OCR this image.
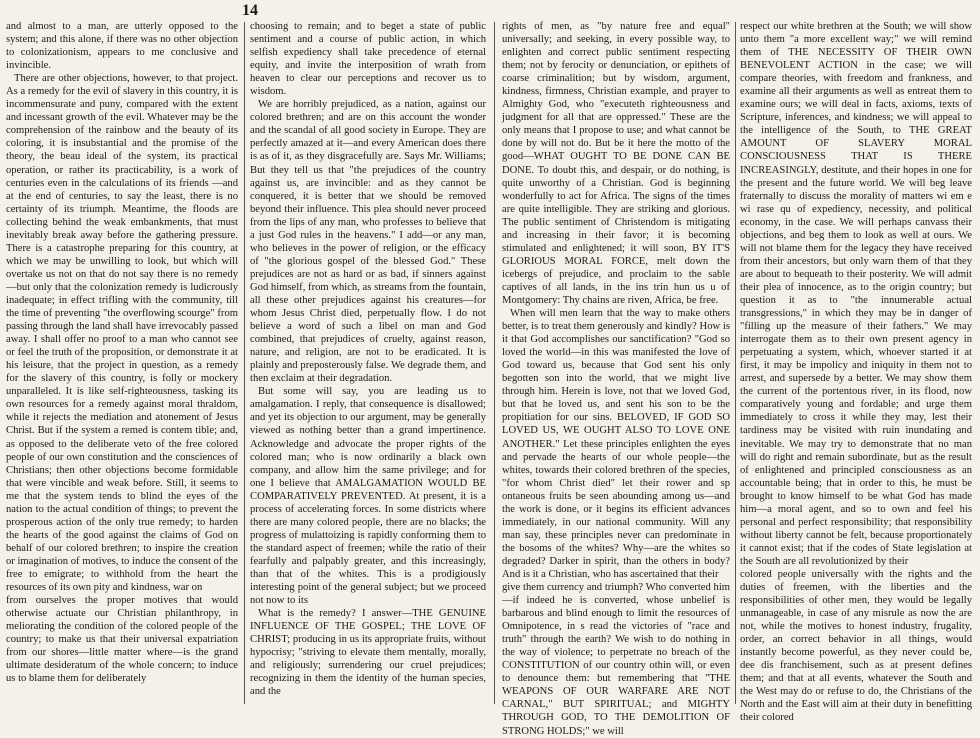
14

and almost to a man, are utterly opposed to the system; and this alone, if there was no other objection to colonizationism, appears to me conclusive and invincible.

There are other objections, however, to that project. As a remedy for the evil of slavery in this country, it is incommensurate and puny, compared with the extent and incessant growth of the evil. Whatever may be the comprehension of the rainbow and the beauty of its coloring, it is insubstantial and the promise of the theory, the beau ideal of the system, its practical operation, or rather its practicability, is a work of centuries even in the calculations of its friends —and at the end of centuries, to say the least, there is no certainty of its triumph. Meantime, the floods are collecting behind the weak embankments, that must inevitably break away before the gathering pressure. There is a catastrophe preparing for this country, at which we may be unwilling to look, but which will overtake us not on that do not say there is no remedy—but only that the colonization remedy is ludicrously inadequate; in effect trifling with the community, till the time of preventing "the overflowing scourge" from passing through the land shall have irrevocably passed away. I shall offer no proof to a man who cannot see or feel the truth of the proposition, or demonstrate it at his leisure, that the project in question, as a remedy for the slavery of this country, is folly or mockery unparalleled. It is like self-righteousness, tasking its own resources for a remedy against moral thraldom, while it rejects the mediation and atonement of Jesus Christ. But if the system a remed is contem tible; and, as opposed to the deliberate veto of the free colored people of our own constitution and the consciences of Christians; then other objections become formidable that were vincible and weak before. Still, it seems to me that the system tends to blind the eyes of the nation to the actual condition of things; to prevent the prosperous action of the only true remedy; to harden the hearts of the good against the claims of God on behalf of our colored brethren; to inspire the creation or imagination of motives, to induce the consent of the free to emigrate; to withhold from the heart the resources of its own pity and kindness, war on

from ourselves the proper motives that would otherwise actuate our Christian philanthropy, in meliorating the condition of the colored people of the country; to make us that their universal expatriation from our shores—little matter where—is the grand ultimate desideratum of the whole concern; to induce us to blame them for deliberately

choosing to remain; and to beget a state of public sentiment and a course of public action, in which selfish expediency shall take precedence of eternal equity, and invite the interposition of wrath from heaven to clear our perceptions and recover us to wisdom.

We are horribly prejudiced, as a nation, against our colored brethren; and are on this account the wonder and the scandal of all good society in Europe. They are perfectly amazed at it—and every American does there is as of it, as they disgracefully are. Says Mr. Williams; But they tell us that "the prejudices of the country against us, are invincible: and as they cannot be conquered, it is better that we should be removed beyond their influence. This plea should never proceed from the lips of any man, who professes to believe that a just God rules in the heavens." I add—or any man, who believes in the power of religion, or the efficacy of "the glorious gospel of the blessed God." These prejudices are not as hard or as bad, if sinners against God himself, from which, as streams from the fountain, all these other prejudices against his creatures—for whom Jesus Christ died, perpetually flow. I do not believe a word of such a libel on man and God combined, that prejudices of cruelty, against reason, nature, and religion, are not to be eradicated. It is plainly and preposterously false. We degrade them, and then exclaim at their degradation.

But some will say, you are leading us to amalgamation. I reply, that consequence is disallowed; and yet its objection to our argument, may be generally viewed as nothing better than a grand impertinence. Acknowledge and advocate the proper rights of the colored man; who is now ordinarily a black own company, and allow him the same privilege; and for one I believe that AMALGAMATION WOULD BE COMPARATIVELY PREVENTED. At present, it is a process of accelerating forces. In some districts where there are many colored people, there are no blacks; the progress of mulattoizing is rapidly conforming them to the standard aspect of freemen; while the ratio of their fearfully and palpably greater, and this increasingly, than that of the whites. This is a prodigiously interesting point of the general subject; but we proceed not now to its

What is the remedy? I answer—THE GENUINE INFLUENCE OF THE GOSPEL; THE LOVE OF CHRIST; producing in us its appropriate fruits, without hypocrisy; "striving to elevate them mentally, morally, and religiously; surrendering our cruel prejudices; recognizing in them the identity of the human species, and the

rights of men, as "by nature free and equal" universally; and seeking, in every possible way, to enlighten and correct public sentiment respecting them; not by ferocity or denunciation, or epithets of coarse criminalition; but by wisdom, argument, kindness, firmness, Christian example, and prayer to Almighty God, who "executeth righteousness and judgment for all that are oppressed." These are the only means that I propose to use; and what cannot be done by will not do. But be it here the motto of the good—WHAT OUGHT TO BE DONE CAN BE DONE. To doubt this, and despair, or do nothing, is quite unworthy of a Christian. God is beginning wonderfully to act for Africa. The signs of the times are quite intelligible. They are striking and glorious. The public sentiment of Christendom is mitigating and increasing in their favor; it is becoming stimulated and enlightened; it will soon, BY IT'S GLORIOUS MORAL FORCE, melt down the icebergs of prejudice, and proclaim to the sable captives of all lands, in the ins trin hun us u of Montgomery: Thy chains are riven, Africa, be free.

When will men learn that the way to make others better, is to treat them generously and kindly? How is it that God accomplishes our sanctification? "God so loved the world—in this was manifested the love of God toward us, because that God sent his only begotten son into the world, that we might live through him. Herein is love, not that we loved God, but that he loved us, and sent his son to be the propitiation for our sins. BELOVED, IF GOD SO LOVED US, WE OUGHT ALSO TO LOVE ONE ANOTHER." Let these principles enlighten the eyes and pervade the hearts of our whole people—the whites, towards their colored brethren of the species, "for whom Christ died" let their rower and sp ontaneous fruits be seen abounding among us—and the work is done, or it begins its efficient advances immediately, in our national community. Will any man say, these principles never can predominate in the bosoms of the whites? Why—are the whites so degraded? Darker in spirit, than the others in body? And is it a Christian, who has ascertained that their

give them currency and triumph? Who converted him—if indeed he is converted, whose unbelief is barbarous and blind enough to limit the resources of Omnipotence, in s read the victories of "race and truth" through the earth? We wish to do nothing in the way of violence; to perpetrate no breach of the CONSTITUTION of our country othin will, or even to denounce them: but remembering that "THE WEAPONS OF OUR WARFARE ARE NOT CARNAL," BUT SPIRITUAL; and MIGHTY THROUGH GOD, TO THE DEMOLITION OF STRONG HOLDS;" we will

respect our white brethren at the South; we will show unto them "a more excellent way;" we will remind them of THE NECESSITY OF THEIR OWN BENEVOLENT ACTION in the case; we will compare theories, with freedom and frankness, and examine all their arguments as well as entreat them to examine ours; we will deal in facts, axioms, texts of Scripture, inferences, and kindness; we will appeal to the intelligence of the South, to THE GREAT AMOUNT OF SLAVERY MORAL CONSCIOUSNESS THAT IS THERE INCREASINGLY, destitute, and their hopes in one for the present and the future world. We will beg leave fraternally to discuss the morality of matters wi em e wi rase qu of expediency, necessity, and political economy, in the case. We will perhaps canvass their objections, and beg them to look as well at ours. We will not blame them for the legacy they have received from their ancestors, but only warn them of that they are about to bequeath to their posterity. We will admit their plea of innocence, as to the origin country; but question it as to "the innumerable actual transgressions," in which they may be in danger of "filling up the measure of their fathers." We may interrogate them as to their own present agency in perpetuating a system, which, whoever started it at first, it may be impolicy and iniquity in them not to arrest, and supersede by a better. We may show them the current of the portentous river, in its flood, now comparatively young and fordable; and urge them immediately to cross it while they may, lest their tardiness may be visited with ruin inundating and inevitable. We may try to demonstrate that no man will do right and remain subordinate, but as the result of enlightened and principled consciousness as an accountable being; that in order to this, he must be brought to know himself to be what God has made him—a moral agent, and so to own and feel his personal and perfect responsibility; that responsibility without liberty cannot be felt, because proportionately it cannot exist; that if the codes of State legislation at the South are all revolutionized by their

colored people universally with the rights and the duties of freemen, with the liberties and the responsibilities of other men, they would be legally unmanageable, in case of any misrule as now the are not, while the motives to honest industry, frugality, order, an correct behavior in all things, would instantly become powerful, as they never could be, dee dis franchisement, such as at present defines them; and that at all events, whatever the South and the West may do or refuse to do, the Christians of the North and the East will aim at their duty in benefitting their colored
